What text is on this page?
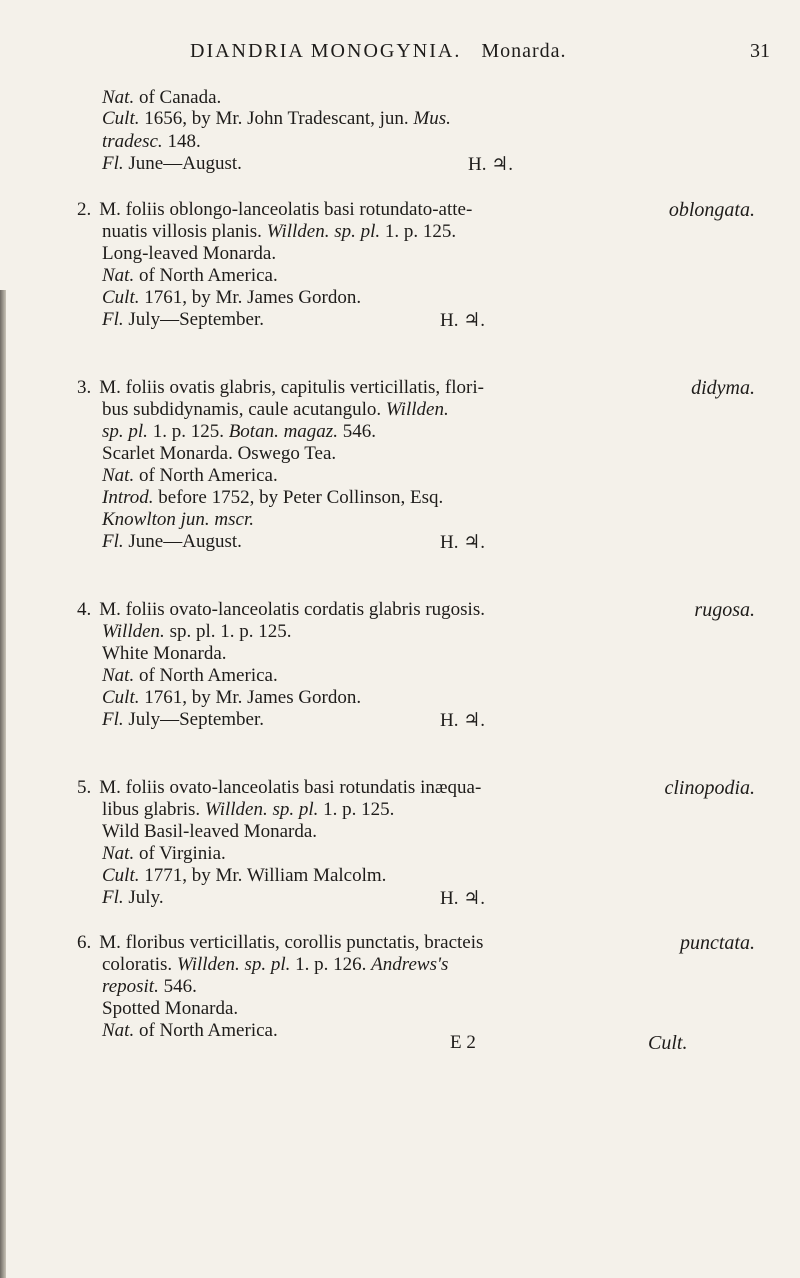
DIANDRIA MONOGYNIA. Monarda.	31
Nat. of Canada.
Cult. 1656, by Mr. John Tradescant, jun. Mus.
tradesc. 148.
Fl. June—August.	H. ♃.
2. M. foliis oblongo-lanceolatis basi rotundato-atte-
nuatis villosis planis. Willden. sp. pl. 1. p. 125.
Long-leaved Monarda.
Nat. of North America.
Cult. 1761, by Mr. James Gordon.
Fl. July—September.	H. ♃.
oblongata.
3. M. foliis ovatis glabris, capitulis verticillatis, flori-
bus subdidynamis, caule acutangulo. Willden.
sp. pl. 1. p. 125. Botan. magaz. 546.
Scarlet Monarda. Oswego Tea.
Nat. of North America.
Introd. before 1752, by Peter Collinson, Esq.
Knowlton jun. mscr.
Fl. June—August.	H. ♃.
didyma.
4. M. foliis ovato-lanceolatis cordatis glabris rugosis.
Willden. sp. pl. 1. p. 125.
White Monarda.
Nat. of North America.
Cult. 1761, by Mr. James Gordon.
Fl. July—September.	H. ♃.
rugosa.
5. M. foliis ovato-lanceolatis basi rotundatis inæqua-
libus glabris. Willden. sp. pl. 1. p. 125.
Wild Basil-leaved Monarda.
Nat. of Virginia.
Cult. 1771, by Mr. William Malcolm.
Fl. July.	H. ♃.
clinopodia.
6. M. floribus verticillatis, corollis punctatis, bracteis
coloratis. Willden. sp. pl. 1. p. 126. Andrews's
reposit. 546.
Spotted Monarda.
Nat. of North America.
punctata.
E 2	Cult.
